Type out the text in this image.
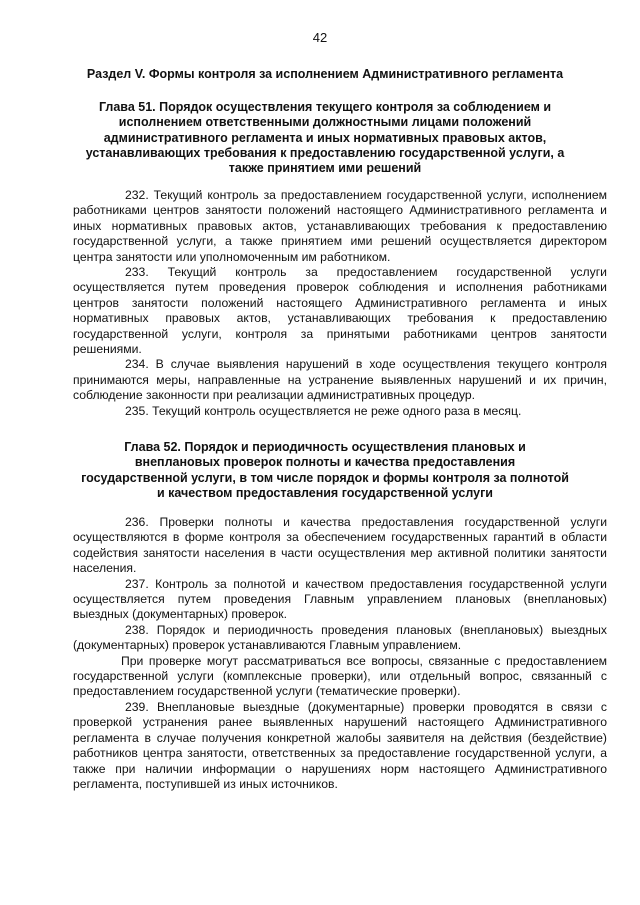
42
Раздел V. Формы контроля за исполнением Административного регламента
Глава 51. Порядок осуществления текущего контроля за соблюдением и исполнением ответственными должностными лицами положений административного регламента и иных нормативных правовых актов, устанавливающих требования к предоставлению государственной услуги, а также принятием ими решений

232. Текущий контроль за предоставлением государственной услуги, исполнением работниками центров занятости положений настоящего Административного регламента и иных нормативных правовых актов, устанавливающих требования к предоставлению государственной услуги, а также принятием ими решений осуществляется директором центра занятости или уполномоченным им работником.

233. Текущий контроль за предоставлением государственной услуги осуществляется путем проведения проверок соблюдения и исполнения работниками центров занятости положений настоящего Административного регламента и иных нормативных правовых актов, устанавливающих требования к предоставлению государственной услуги, контроля за принятыми работниками центров занятости решениями.

234. В случае выявления нарушений в ходе осуществления текущего контроля принимаются меры, направленные на устранение выявленных нарушений и их причин, соблюдение законности при реализации административных процедур.

235. Текущий контроль осуществляется не реже одного раза в месяц.

Глава 52. Порядок и периодичность осуществления плановых и внеплановых проверок полноты и качества предоставления государственной услуги, в том числе порядок и формы контроля за полнотой и качеством предоставления государственной услуги

236. Проверки полноты и качества предоставления государственной услуги осуществляются в форме контроля за обеспечением государственных гарантий в области содействия занятости населения в части осуществления мер активной политики занятости населения.

237. Контроль за полнотой и качеством предоставления государственной услуги осуществляется путем проведения Главным управлением плановых (внеплановых) выездных (документарных) проверок.

238. Порядок и периодичность проведения плановых (внеплановых) выездных (документарных) проверок устанавливаются Главным управлением.

При проверке могут рассматриваться все вопросы, связанные с предоставлением государственной услуги (комплексные проверки), или отдельный вопрос, связанный с предоставлением государственной услуги (тематические проверки).

239. Внеплановые выездные (документарные) проверки проводятся в связи с проверкой устранения ранее выявленных нарушений настоящего Административного регламента в случае получения конкретной жалобы заявителя на действия (бездействие) работников центра занятости, ответственных за предоставление государственной услуги, а также при наличии информации о нарушениях норм настоящего Административного регламента, поступившей из иных источников.
